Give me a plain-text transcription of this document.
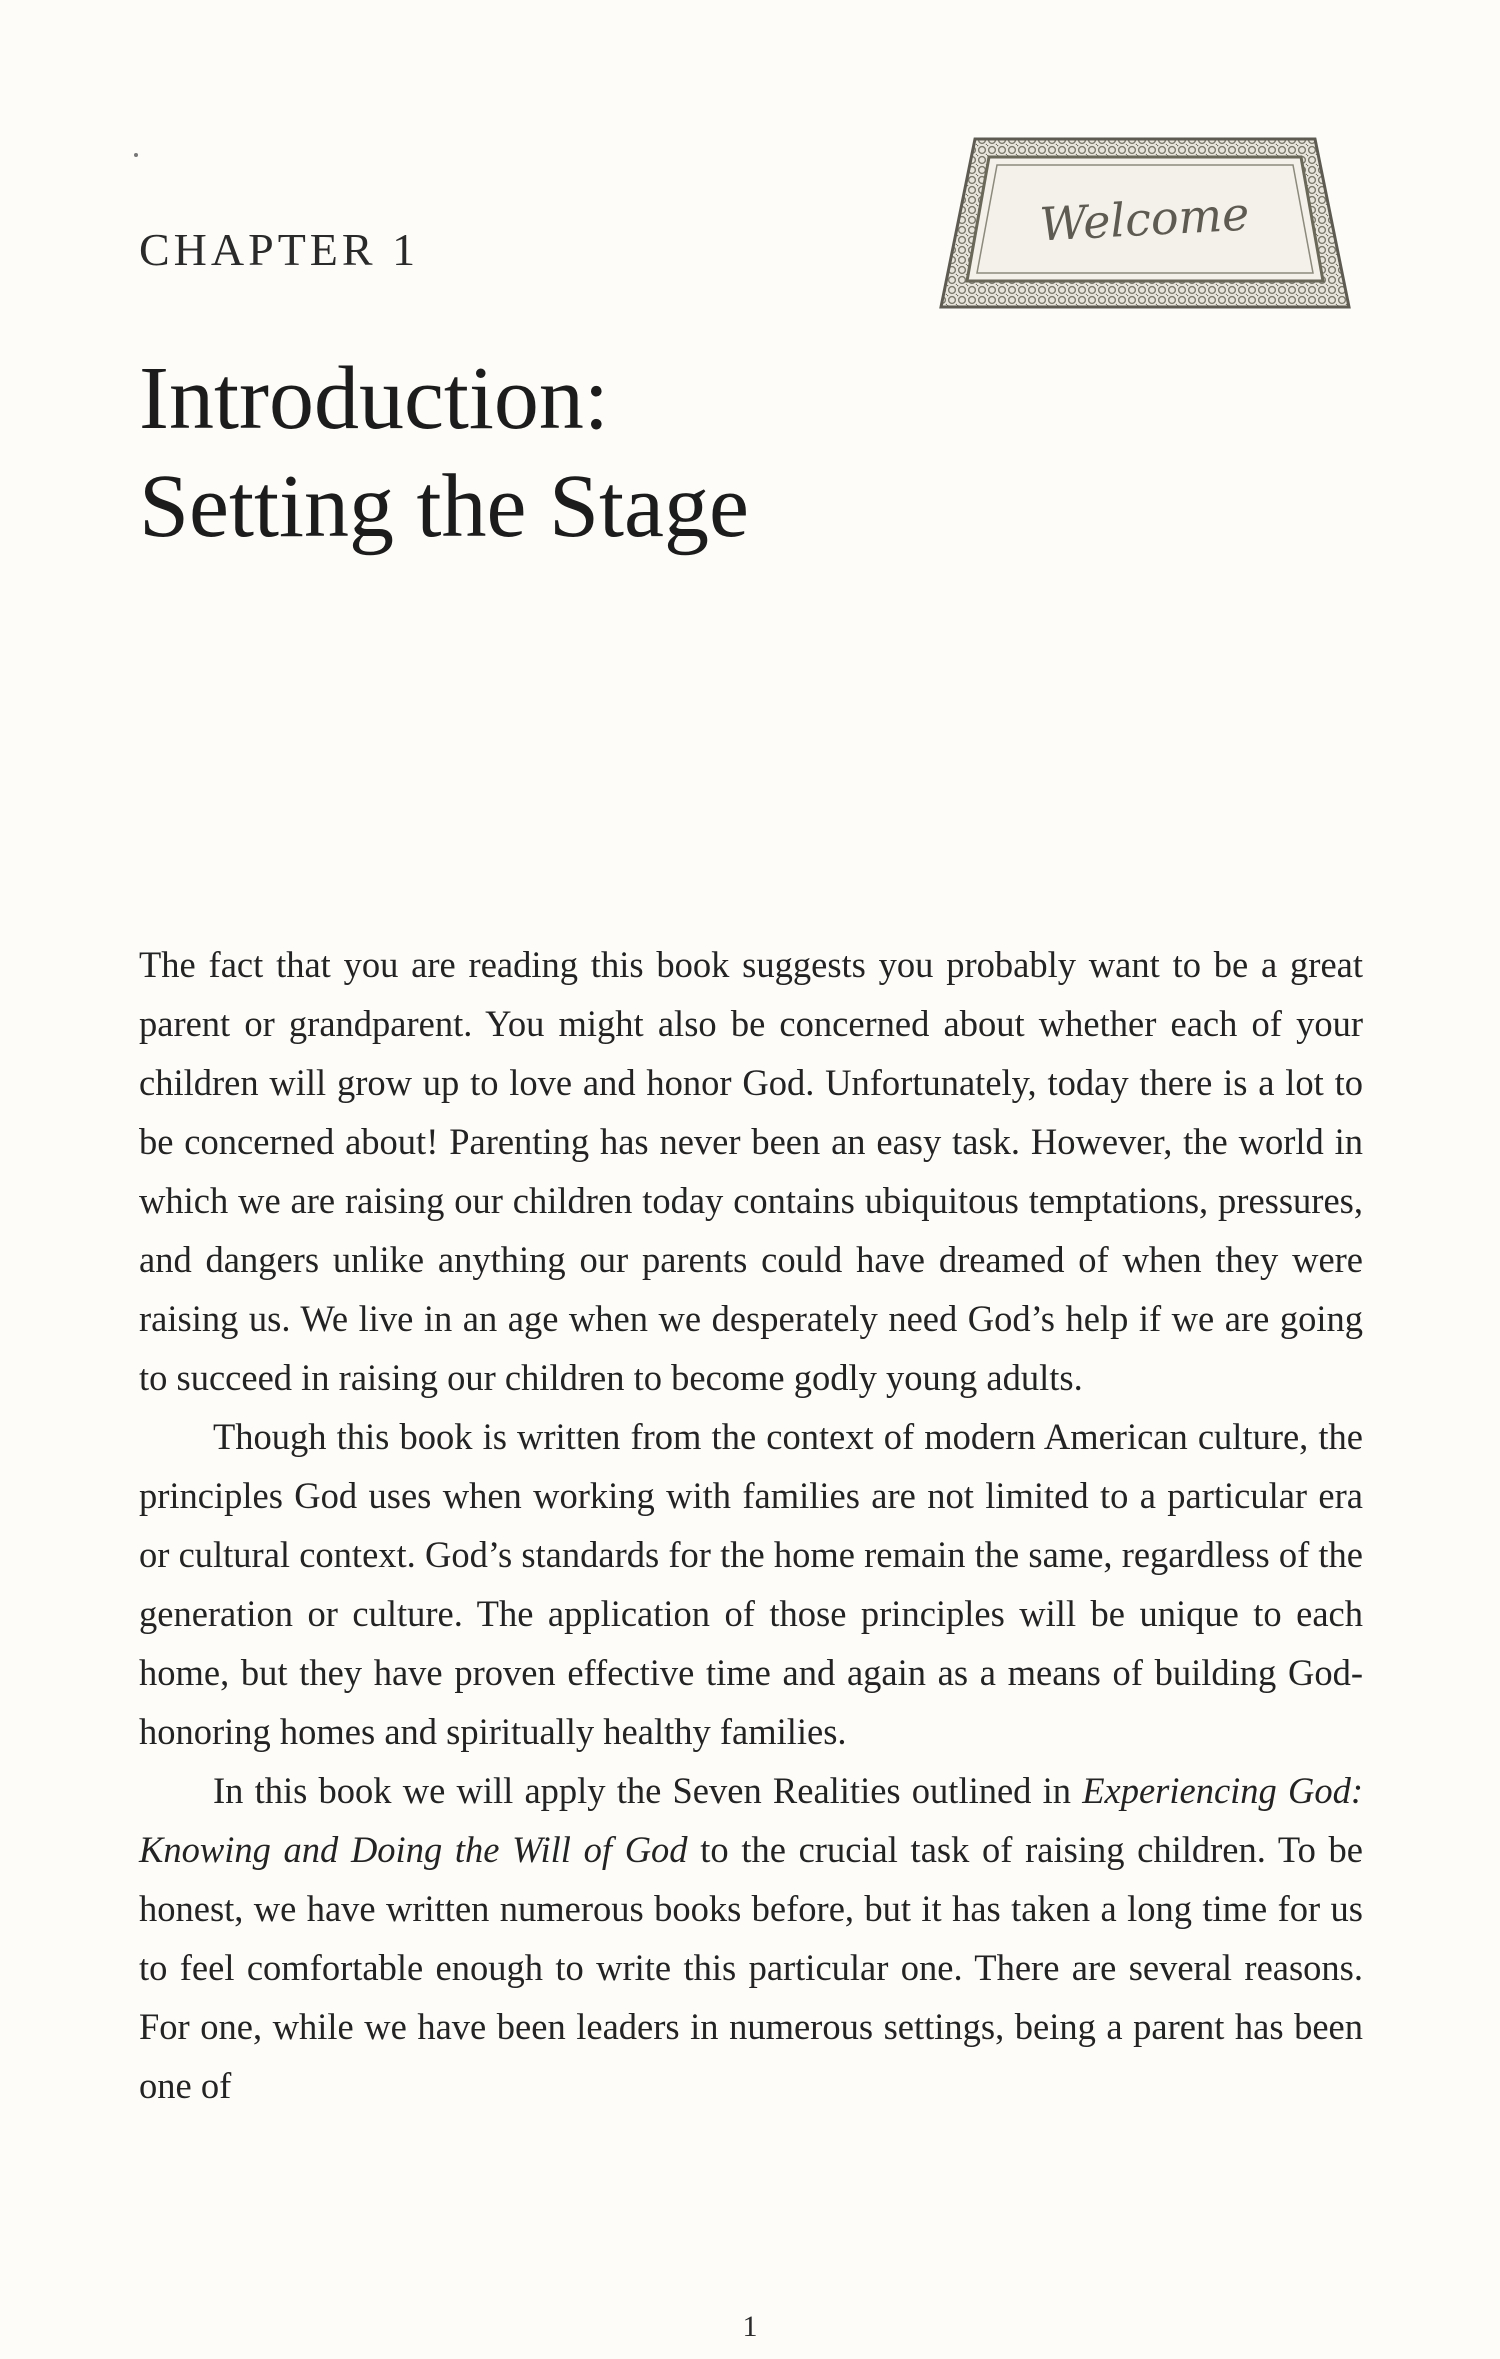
CHAPTER 1
Introduction:
Setting the Stage
Welcome

The fact that you are reading this book suggests you probably want to be a great parent or grandparent. You might also be concerned about whether each of your children will grow up to love and honor God. Unfortunately, today there is a lot to be concerned about! Parenting has never been an easy task. However, the world in which we are raising our children today contains ubiquitous temptations, pressures, and dangers unlike anything our parents could have dreamed of when they were raising us. We live in an age when we desperately need God’s help if we are going to succeed in raising our children to become godly young adults.

Though this book is written from the context of modern American culture, the principles God uses when working with families are not limited to a particular era or cultural context. God’s standards for the home remain the same, regardless of the generation or culture. The application of those principles will be unique to each home, but they have proven effective time and again as a means of building God-honoring homes and spiritually healthy families.

In this book we will apply the Seven Realities outlined in Experiencing God: Knowing and Doing the Will of God to the crucial task of raising children. To be honest, we have written numerous books before, but it has taken a long time for us to feel comfortable enough to write this particular one. There are several reasons. For one, while we have been leaders in numerous settings, being a parent has been one of

1
